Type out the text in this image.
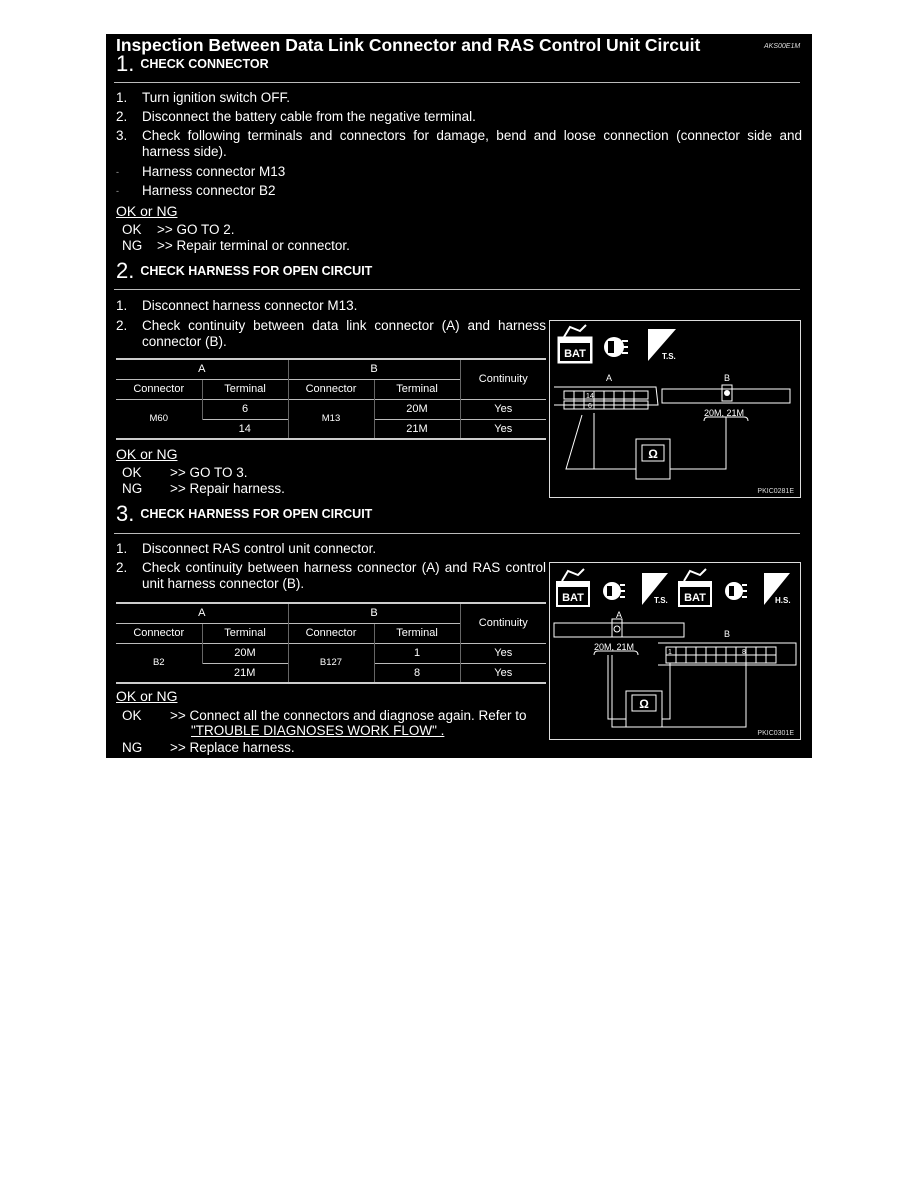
Inspection Between Data Link Connector and RAS Control Unit Circuit	AKS00E1M
1. CHECK CONNECTOR
1. Turn ignition switch OFF.
2. Disconnect the battery cable from the negative terminal.
3. Check following terminals and connectors for damage, bend and loose connection (connector side and harness side).
- Harness connector M13
- Harness connector B2
OK or NG
OK >> GO TO 2.
NG >> Repair terminal or connector.
2. CHECK HARNESS FOR OPEN CIRCUIT
1. Disconnect harness connector M13.
2. Check continuity between data link connector (A) and harness connector (B).
A		B		Continuity
Connector	Terminal	Connector	Terminal	
M60	6	M13	20M	Yes
	14		21M	Yes
OK or NG
OK >> GO TO 3.
NG >> Repair harness.
BAT	T.S.
A	B
14
6
20M, 21M
Ω
PKIC0281E
3. CHECK HARNESS FOR OPEN CIRCUIT
1. Disconnect RAS control unit connector.
2. Check continuity between harness connector (A) and RAS control unit harness connector (B).
A		B		Continuity
Connector	Terminal	Connector	Terminal	
B2	20M	B127	1	Yes
	21M		8	Yes
OK or NG
OK >> Connect all the connectors and diagnose again. Refer to
"TROUBLE DIAGNOSES WORK FLOW" .
NG >> Replace harness.
BAT	T.S. BAT	H.S.
A
B
20M, 21M
1	8
Ω
PKIC0301E
